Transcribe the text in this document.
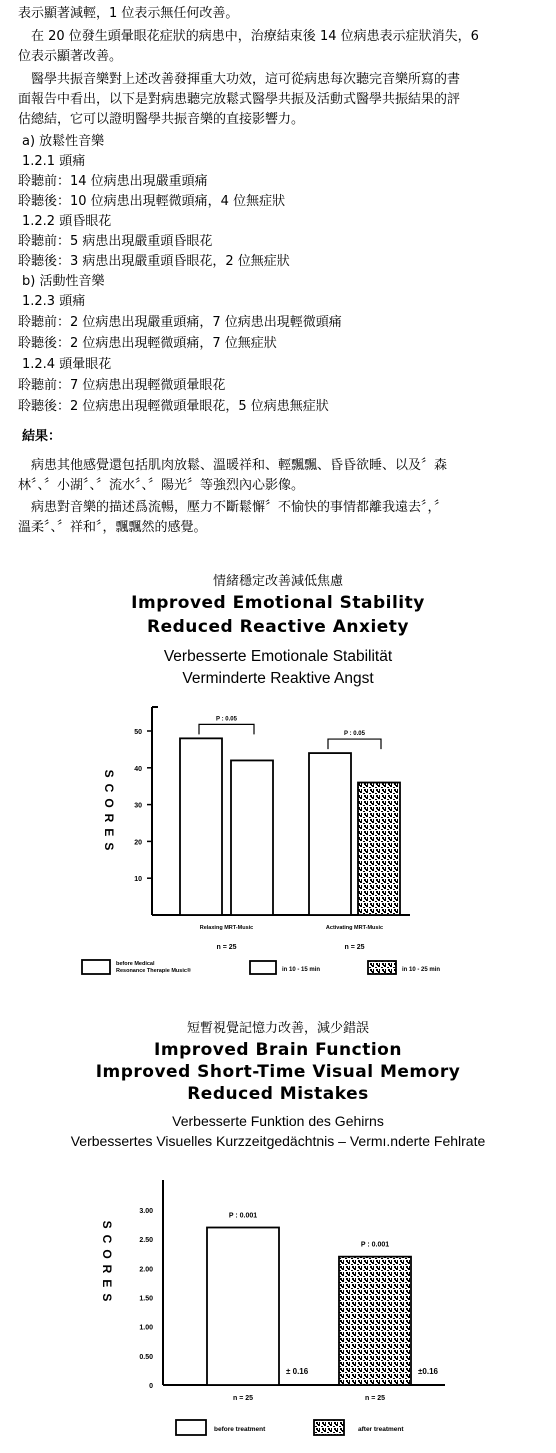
表示顯著減輕，1 位表示無任何改善。
　在 20 位發生頭暈眼花症狀的病患中，治療結束後 14 位病患表示症狀消失，6
位表示顯著改善。
　醫學共振音樂對上述改善發揮重大功效，這可從病患每次聽完音樂所寫的書
面報告中看出，以下是對病患聽完放鬆式醫學共振及活動式醫學共振結果的評
估總結，它可以證明醫學共振音樂的直接影響力。
a) 放鬆性音樂
1.2.1 頭痛
聆聽前：14 位病患出現嚴重頭痛
聆聽後：10 位病患出現輕微頭痛，4 位無症狀
1.2.2 頭昏眼花
聆聽前：5 病患出現嚴重頭昏眼花
聆聽後：3 病患出現嚴重頭昏眼花，2 位無症狀
b) 活動性音樂
1.2.3 頭痛
聆聽前：2 位病患出現嚴重頭痛，7 位病患出現輕微頭痛
聆聽後：2 位病患出現輕微頭痛，7 位無症狀
1.2.4 頭暈眼花
聆聽前：7 位病患出現輕微頭暈眼花
聆聽後：2 位病患出現輕微頭暈眼花，5 位病患無症狀
結果：
　病患其他感覺還包括肌肉放鬆、溫暖祥和、輕飄飄、昏昏欲睡、以及〞森
林〞、〞小湖〞、〞流水〞、〞陽光〞等強烈內心影像。
　病患對音樂的描述爲流暢，壓力不斷鬆懈〞不愉快的事情都離我遠去〞，〞
溫柔〞、〞祥和〞，飄飄然的感覺。
情緒穩定改善減低焦慮
Improved Emotional Stability
Reduced Reactive Anxiety
Verbesserte Emotionale Stabilität
Verminderte Reaktive Angst
SCORES
10
20
30
40
50
P : 0.05
Relaxing MRT-Music
n = 25
P : 0.05
Activating MRT-Music
n = 25
before Medical
Resonance Therapie Music®	in 10 - 15 min	in 10 - 25 min
短暫視覺記憶力改善，減少錯誤
Improved Brain Function
Improved Short-Time Visual Memory
Reduced Mistakes
Verbesserte Funktion des Gehirns
Verbessertes Visuelles Kurzzeitgedächtnis – Vermı.nderte Fehlrate
SCORES
0
0.50
1.00
1.50
2.00
2.50
3.00
P : 0.001
± 0.16
n = 25
P : 0.001
±0.16
n = 25
before treatment	after treatment
